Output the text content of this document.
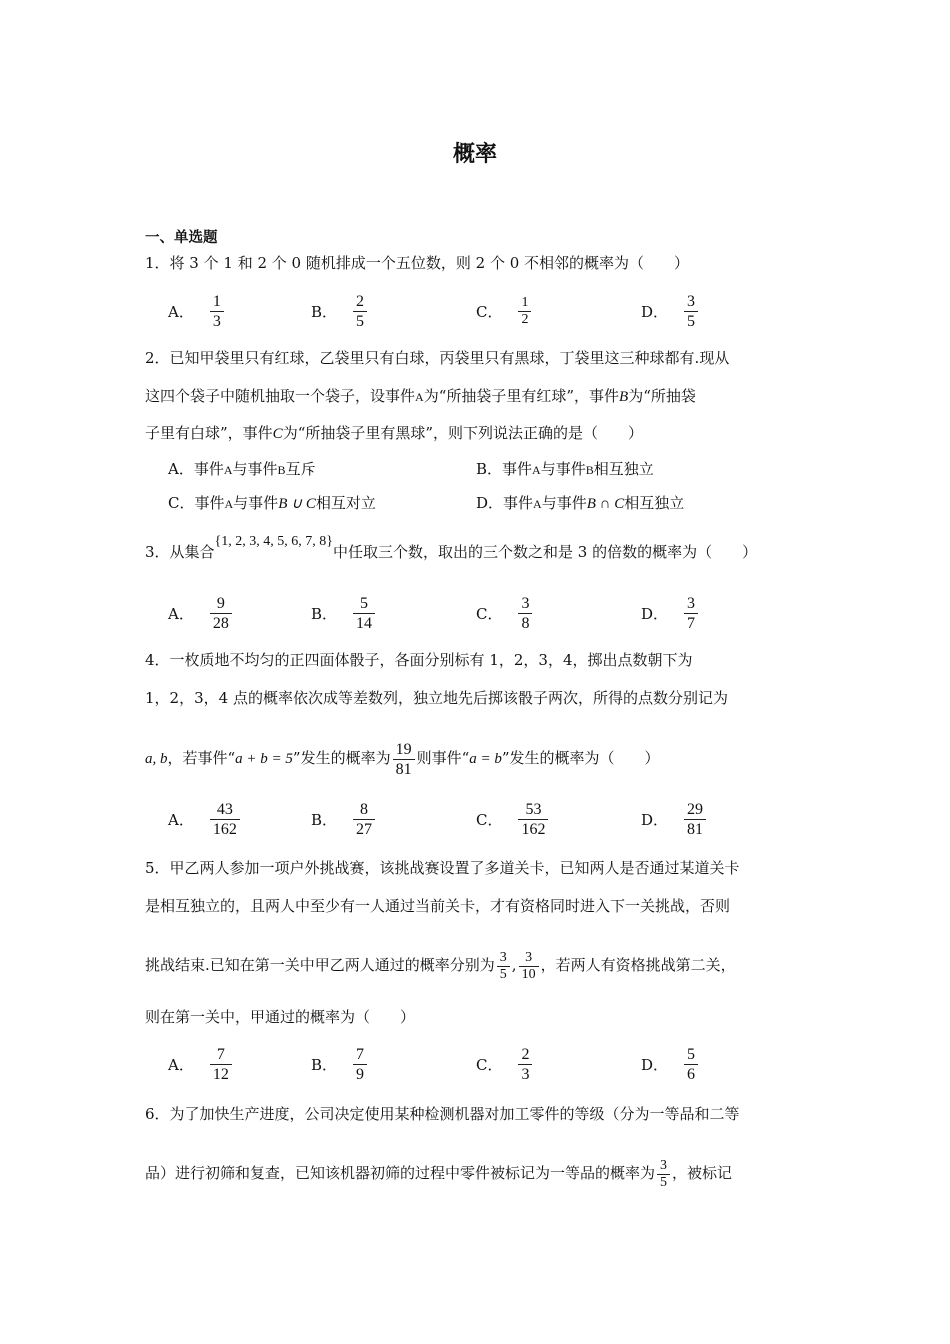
概率
一、单选题
1．将 3 个 1 和 2 个 0 随机排成一个五位数，则 2 个 0 不相邻的概率为（　　）
A． $\frac{1}{3}$	B． $\frac{2}{5}$	C． $\frac{1}{2}$	D． $\frac{3}{5}$
2．已知甲袋里只有红球，乙袋里只有白球，丙袋里只有黑球，丁袋里这三种球都有.现从
这四个袋子中随机抽取一个袋子，设事件A为“所抽袋子里有红球”，事件B为“所抽袋
子里有白球”，事件C为“所抽袋子里有黑球”，则下列说法正确的是（　　）
A．事件A与事件B互斥	B．事件A与事件B相互独立
C．事件A与事件B ∪ C相互对立	D．事件A与事件B ∩ C相互独立
3．从集合{1, 2, 3, 4, 5, 6, 7, 8}中任取三个数，取出的三个数之和是 3 的倍数的概率为（　　）
A． $\frac{9}{28}$	B． $\frac{5}{14}$	C． $\frac{3}{8}$	D． $\frac{3}{7}$
4．一枚质地不均匀的正四面体骰子，各面分别标有 1，2，3，4，掷出点数朝下为
1，2，3，4 点的概率依次成等差数列，独立地先后掷该骰子两次，所得的点数分别记为
a, b，若事件“a + b = 5”发生的概率为 $\frac{19}{81}$ 则事件“a = b”发生的概率为（　　）
A． $\frac{43}{162}$	B． $\frac{8}{27}$	C． $\frac{53}{162}$	D． $\frac{29}{81}$
5．甲乙两人参加一项户外挑战赛，该挑战赛设置了多道关卡，已知两人是否通过某道关卡
是相互独立的，且两人中至少有一人通过当前关卡，才有资格同时进入下一关挑战，否则
挑战结束.已知在第一关中甲乙两人通过的概率分别为 $\frac{3}{5}$ , $\frac{3}{10}$ ，若两人有资格挑战第二关，
则在第一关中，甲通过的概率为（　　）
A． $\frac{7}{12}$	B． $\frac{7}{9}$	C． $\frac{2}{3}$	D． $\frac{5}{6}$
6．为了加快生产进度，公司决定使用某种检测机器对加工零件的等级（分为一等品和二等
品）进行初筛和复查，已知该机器初筛的过程中零件被标记为一等品的概率为 $\frac{3}{5}$ ，被标记
